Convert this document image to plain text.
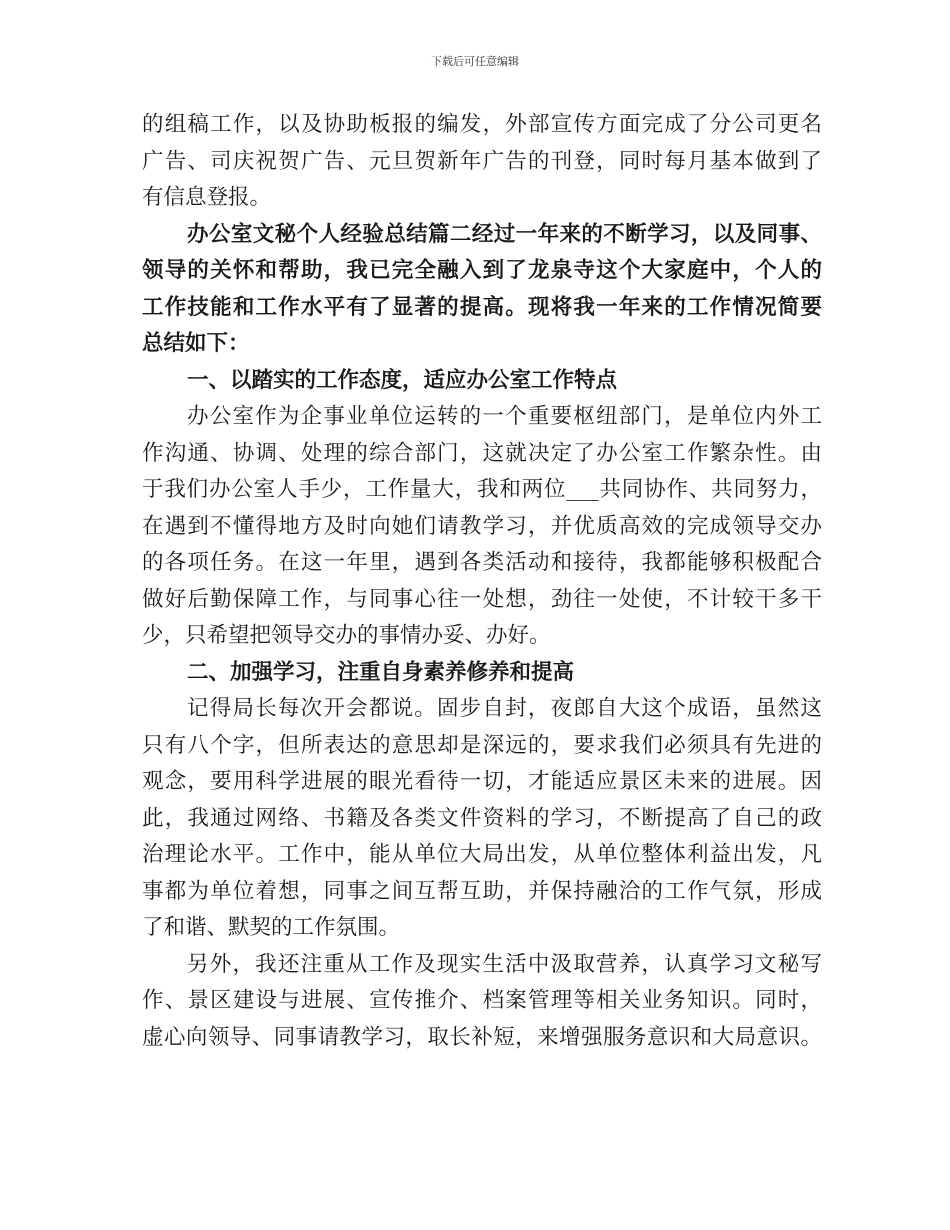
下载后可任意编辑
的组稿工作，以及协助板报的编发，外部宣传方面完成了分公司更名
广告、司庆祝贺广告、元旦贺新年广告的刊登，同时每月基本做到了
有信息登报。
办公室文秘个人经验总结篇二经过一年来的不断学习，以及同事、
领导的关怀和帮助，我已完全融入到了龙泉寺这个大家庭中，个人的
工作技能和工作水平有了显著的提高。现将我一年来的工作情况简要
总结如下：
一、以踏实的工作态度，适应办公室工作特点
办公室作为企事业单位运转的一个重要枢纽部门，是单位内外工
作沟通、协调、处理的综合部门，这就决定了办公室工作繁杂性。由
于我们办公室人手少，工作量大，我和两位___共同协作、共同努力，
在遇到不懂得地方及时向她们请教学习，并优质高效的完成领导交办
的各项任务。在这一年里，遇到各类活动和接待，我都能够积极配合
做好后勤保障工作，与同事心往一处想，劲往一处使，不计较干多干
少，只希望把领导交办的事情办妥、办好。
二、加强学习，注重自身素养修养和提高
记得局长每次开会都说。固步自封，夜郎自大这个成语，虽然这
只有八个字，但所表达的意思却是深远的，要求我们必须具有先进的
观念，要用科学进展的眼光看待一切，才能适应景区未来的进展。因
此，我通过网络、书籍及各类文件资料的学习，不断提高了自己的政
治理论水平。工作中，能从单位大局出发，从单位整体利益出发，凡
事都为单位着想，同事之间互帮互助，并保持融洽的工作气氛，形成
了和谐、默契的工作氛围。
另外，我还注重从工作及现实生活中汲取营养，认真学习文秘写
作、景区建设与进展、宣传推介、档案管理等相关业务知识。同时，
虚心向领导、同事请教学习，取长补短，来增强服务意识和大局意识。
